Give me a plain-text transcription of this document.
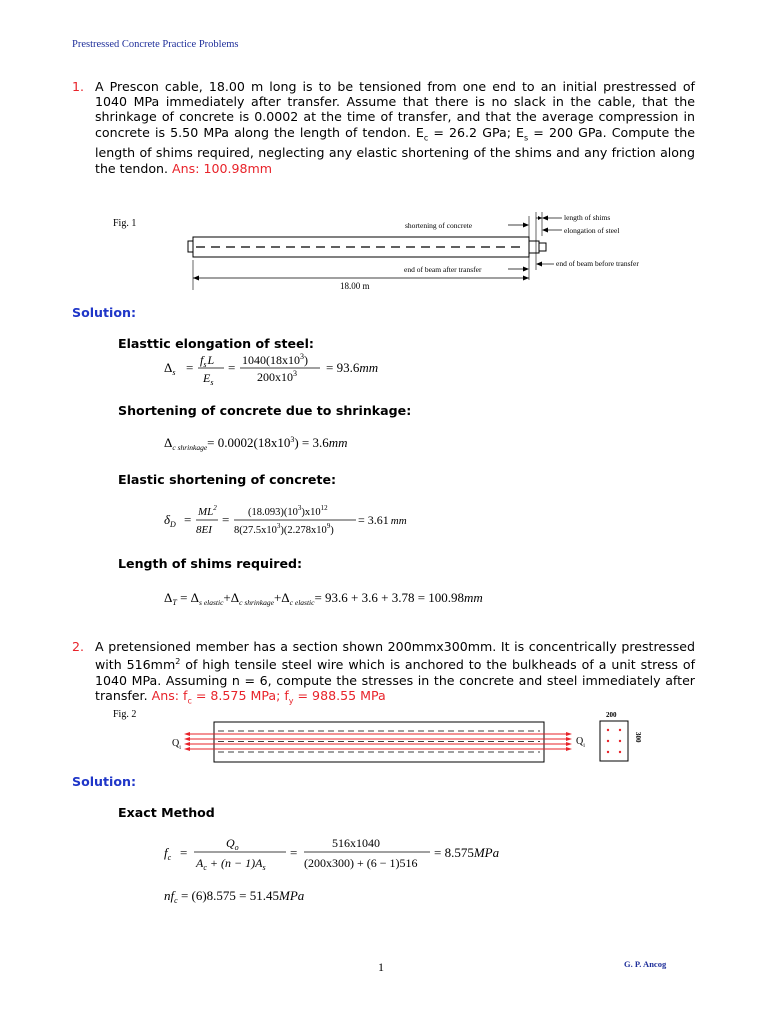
Prestressed Concrete Practice Problems
1. A Prescon cable, 18.00 m long is to be tensioned from one end to an initial prestressed of 1040 MPa immediately after transfer. Assume that there is no slack in the cable, that the shrinkage of concrete is 0.0002 at the time of transfer, and that the average compression in concrete is 5.50 MPa along the length of tendon. $E_c = 26.2$ GPa; $E_s = 200$ GPa. Compute the length of shims required, neglecting any elastic shortening of the shims and any friction along the tendon. Ans: 100.98mm
Fig. 1	shortening of concrete
length of shims
elongation of steel
end of beam after transfer
end of beam before transfer
18.00 m
Solution:
Elasttic elongation of steel:
$\Delta_s = f_sL$
$E_s$
= $1040(18x10^3)$
$200x10^3 = 93.6mm$
Shortening of concrete due to shrinkage:
$\Delta_{c shrinkage}= 0.0002(18x10^3) = 3.6mm$
Elastic shortening of concrete:
$\delta_D = ML^2$
8EI
= $(18.093)(10^3)x10^{12}$
$8(27.5x10^3)(2.278x10^9)$
= 3.61 mm
Length of shims required:
$\Delta_T = \Delta_{s elastic}+\Delta_{c shrinkage}+\Delta_{c elastic}= 93.6 + 3.6 + 3.78 = 100.98mm$
2. A pretensioned member has a section shown 200mmx300mm. It is concentrically prestressed with $516mm^2$ of high tensile steel wire which is anchored to the bulkheads of a unit stress of 1040 MPa. Assuming n = 6, compute the stresses in the concrete and steel immediately after transfer. Ans: $f_c = 8.575$ MPa; $f_y = 988.55$ MPa
Fig. 2
$Q_i$
$Q_i$
200
300
Solution:
Exact Method
$f_c$ =
$Q_o$
$A_c + (n - 1)A_s$
=
516x1040
(200x300) + (6 − 1)516
= 8.575MPa
$nf_c = (6)8.575 = 51.45MPa$
1	G. P. Ancog
